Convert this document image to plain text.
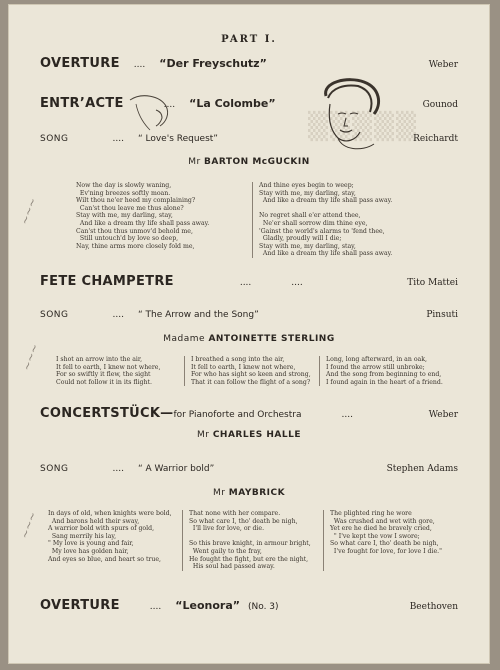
▒▒▒▒▒
PART I.
~~~
~~~
~~~
OVERTURE .... “Der Freyschutz”	Weber
ENTR’ACTE	.... “La Colombe”	Gounod
SONG	.... “ Love's Request”	Reichardt
Mr BARTON McGUCKIN
Now the day is slowly waning,
Ev'ning breezes softly moan.
Wilt thou ne'er heed my complaining?
Can'st thou leave me thus alone?
Stay with me, my darling, stay,
And like a dream thy life shall pass away.
Can'st thou thus unmov'd behold me,
Still untouch'd by love so deep,
Nay, thine arms more closely fold me,
And thine eyes begin to weep;
Stay with me, my darling, stay,
And like a dream thy life shall pass away.

No regret shall e'er attend thee,
Ne'er shall sorrow dim thine eye,
'Gainst the world's alarms to 'fend thee,
Gladly, proudly will I die;
Stay with me, my darling, stay,
And like a dream thy life shall pass away.
FETE CHAMPETRE	....	....	Tito Mattei
SONG	.... “ The Arrow and the Song”	Pinsuti
Madame ANTOINETTE STERLING
I shot an arrow into the air,
It fell to earth, I knew not where,
For so swiftly it flew, the sight
Could not follow it in its flight.
I breathed a song into the air,
It fell to earth, I knew not where,
For who has sight so keen and strong,
That it can follow the flight of a song?
Long, long afterward, in an oak,
I found the arrow still unbroke;
And the song from beginning to end,
I found again in the heart of a friend.
CONCERTSTÜCK— for Pianoforte and Orchestra	....	Weber
Mr CHARLES HALLE
SONG	.... “ A Warrior bold”	Stephen Adams
Mr MAYBRICK
In days of old, when knights were bold,
And barons held their sway,
A warrior bold with spurs of gold,
Sang merrily his lay,
" My love is young and fair,
My love has golden hair,
And eyes so blue, and heart so true,
That none with her compare.
So what care I, tho' death be nigh,
I'll live for love, or die.

So this brave knight, in armour bright,
Went gaily to the fray,
He fought the fight, but ere the night,
His soul had passed away.
The plighted ring he wore
Was crushed and wet with gore,
Yet ere he died he bravely cried,
" I've kept the vow I swore;
So what care I, tho' death be nigh,
I've fought for love, for love I die."
OVERTURE	.... “Leonora” (No. 3)	Beethoven
